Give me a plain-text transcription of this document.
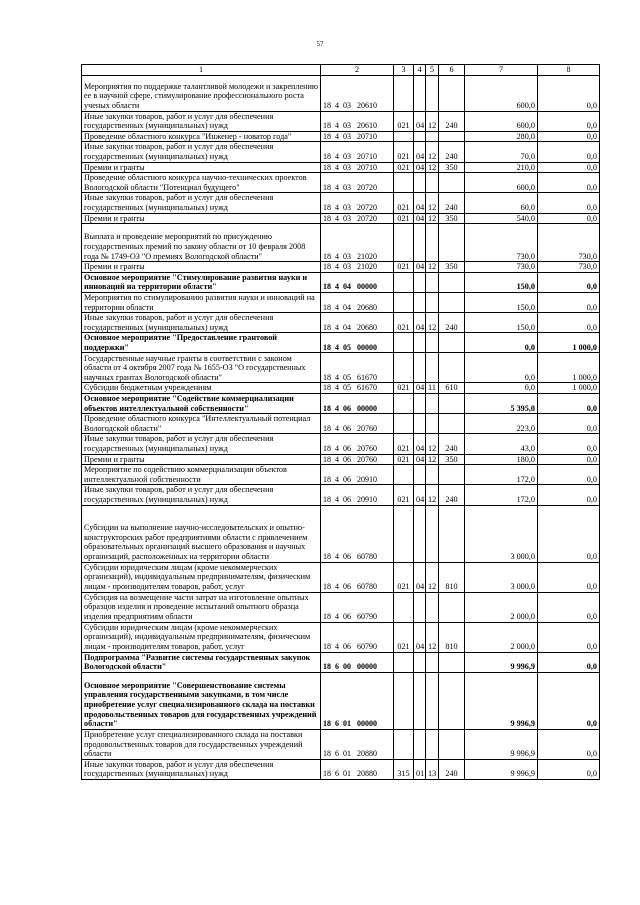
57
1	2	3	4	5	6	7	8
Мероприятия по поддержке талантливой молодежи и закреплению ее в научной сфере, стимулирование профессионального роста ученых области	18  4  03   20610					600,0	0,0
Иные закупки товаров, работ и услуг для обеспечения государственных (муниципальных) нужд	18  4  03   20610	021	04	12	240	600,0	0,0
Проведение областного конкурса "Инженер - новатор года"	18  4  03   20710					280,0	0,0
Иные закупки товаров, работ и услуг для обеспечения государственных (муниципальных) нужд	18  4  03   20710	021	04	12	240	70,0	0,0
Премии и гранты	18  4  03   20710	021	04	12	350	210,0	0,0
Проведение областного конкурса научно-технических проектов Вологодской области "Потенциал будущего"	18  4  03   20720					600,0	0,0
Иные закупки товаров, работ и услуг для обеспечения государственных (муниципальных) нужд	18  4  03   20720	021	04	12	240	60,0	0,0
Премии и гранты	18  4  03   20720	021	04	12	350	540,0	0,0
Выплата и проведение мероприятий по присуждению государственных премий по закону области от 10 февраля 2008 года № 1749-ОЗ "О премиях Вологодской области"	18  4  03   21020					730,0	730,0
Премии и гранты	18  4  03   21020	021	04	12	350	730,0	730,0
Основное мероприятие "Стимулирование развития науки и инноваций на территории области"	18  4  04   00000					150,0	0,0
Мероприятия по стимулированию развития науки и инноваций на территории области	18  4  04   20680					150,0	0,0
Иные закупки товаров, работ и услуг для обеспечения государственных (муниципальных) нужд	18  4  04   20680	021	04	12	240	150,0	0,0
Основное мероприятие "Предоставление грантовой поддержки"	18  4  05   00000					0,0	1 000,0
Государственные научные гранты в соответствии с законом области от 4 октября 2007 года № 1655-ОЗ "О государственных научных грантах Вологодской области"	18  4  05   61670					0,0	1 000,0
Субсидии бюджетным учреждениям	18  4  05   61670	021	04	11	610	0,0	1 000,0
Основное мероприятие "Содействие коммерциализации объектов интеллектуальной собственности"	18  4  06   00000					5 395,0	0,0
Проведение областного конкурса "Интеллектуальный потенциал Вологодской области"	18  4  06   20760					223,0	0,0
Иные закупки товаров, работ и услуг для обеспечения государственных (муниципальных) нужд	18  4  06   20760	021	04	12	240	43,0	0,0
Премии и гранты	18  4  06   20760	021	04	12	350	180,0	0,0
Мероприятие по содействию коммерциализации объектов интеллектуальной собственности	18  4  06   20910					172,0	0,0
Иные закупки товаров, работ и услуг для обеспечения государственных (муниципальных) нужд	18  4  06   20910	021	04	12	240	172,0	0,0
Субсидии на выполнение научно-исследовательских и опытно-конструкторских работ предприятиями области с привлечением образовательных организаций высшего образования и научных организаций, расположенных на территории области	18  4  06   60780					3 000,0	0,0
Субсидии юридическим лицам (кроме некоммерческих организаций), индивидуальным предпринимателям, физическим лицам - производителям товаров, работ, услуг	18  4  06   60780	021	04	12	810	3 000,0	0,0
Субсидия на возмещение части затрат на изготовление опытных образцов изделия и проведение испытаний опытного образца изделия предприятиям области	18  4  06   60790					2 000,0	0,0
Субсидии юридическим лицам (кроме некоммерческих организаций), индивидуальным предпринимателям, физическим лицам - производителям товаров, работ, услуг	18  4  06   60790	021	04	12	810	2 000,0	0,0
Подпрограмма "Развитие системы государственных закупок Вологодской области"	18  6  00   00000					9 996,9	0,0
Основное мероприятие "Совершенствование системы управления государственными закупками, в том числе приобретение услуг специализированного склада на поставки продовольственных товаров для государственных учреждений области"	18  6  01   00000					9 996,9	0,0
Приобретение услуг специализированного склада на поставки продовольственных товаров для государственных учреждений области	18  6  01   20880					9 996,9	0,0
Иные закупки товаров, работ и услуг для обеспечения государственных (муниципальных) нужд	18  6  01   20880	315	01	13	240	9 996,9	0,0
